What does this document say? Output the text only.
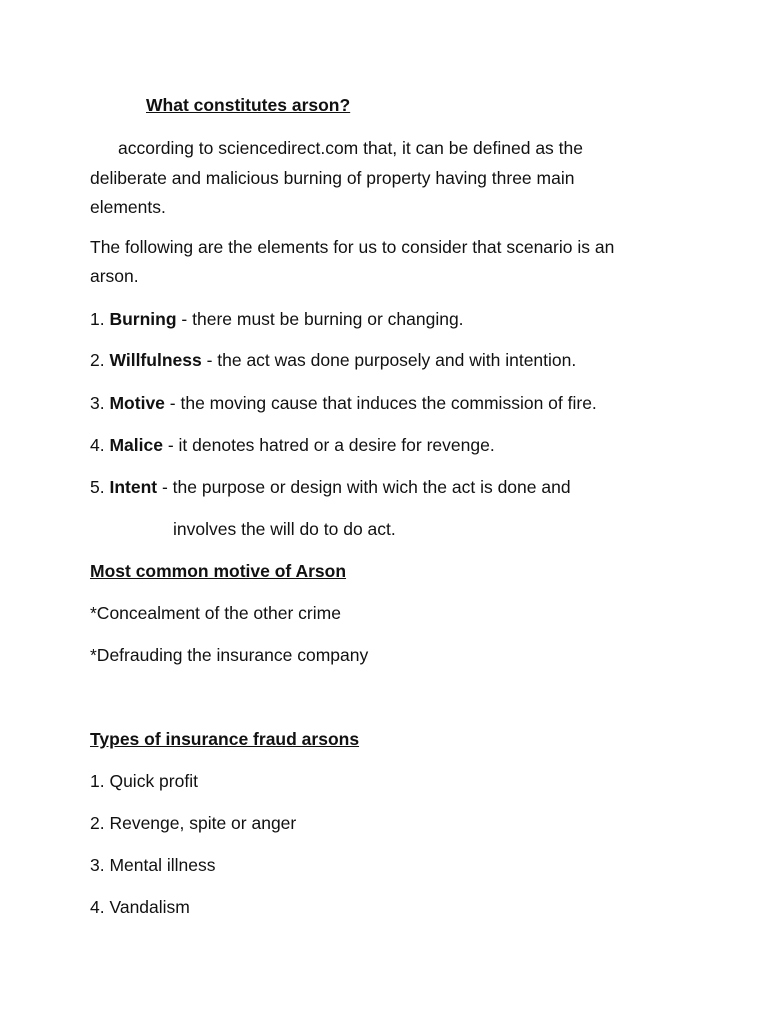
What constitutes arson?
according to sciencedirect.com that, it can be defined as the
deliberate and malicious burning of property having three main
elements.
The following are the elements for us to consider that scenario is an
arson.
1. Burning - there must be burning or changing.
2. Willfulness - the act was done purposely and with intention.
3. Motive - the moving cause that induces the commission of fire.
4. Malice - it denotes hatred or a desire for revenge.
5. Intent - the purpose or design with wich the act is done and
involves the will do to do act.
Most common motive of Arson
*Concealment of the other crime
*Defrauding the insurance company
Types of insurance fraud arsons
1. Quick profit
2. Revenge, spite or anger
3. Mental illness
4. Vandalism
